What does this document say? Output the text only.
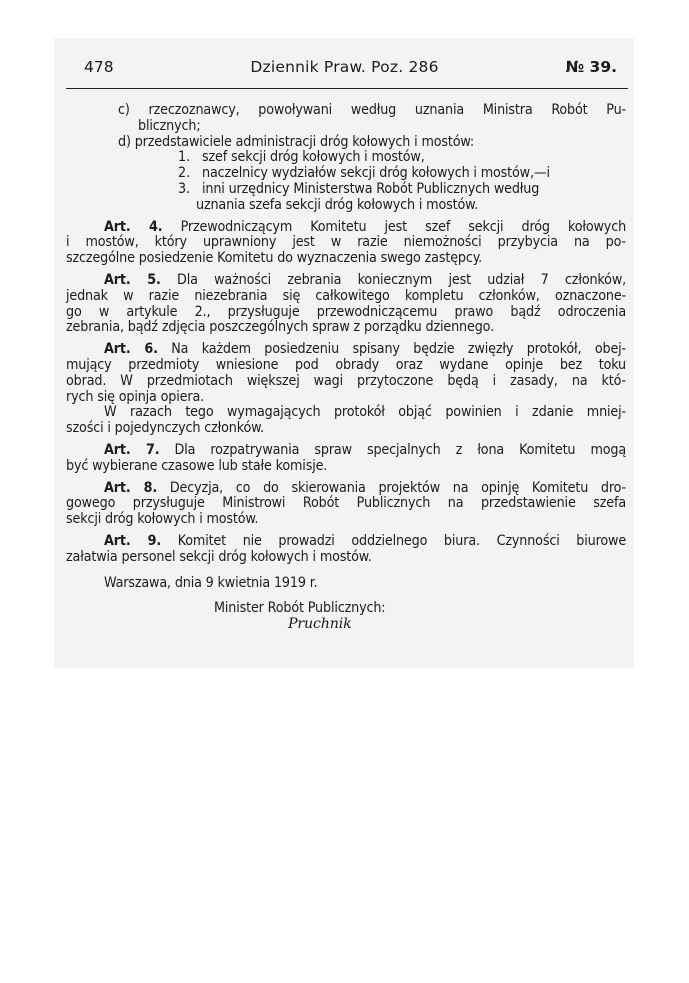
478	Dziennik Praw. Poz. 286	№ 39.
c) rzeczoznawcy, powoływani według uznania Ministra Robót Pu-
blicznych;
d) przedstawiciele administracji dróg kołowych i mostów:
1. szef sekcji dróg kołowych i mostów,
2. naczelnicy wydziałów sekcji dróg kołowych i mostów,—i
3. inni urzędnicy Ministerstwa Robót Publicznych według
uznania szefa sekcji dróg kołowych i mostów.
Art. 4. Przewodniczącym Komitetu jest szef sekcji dróg kołowych
i mostów, który uprawniony jest w razie niemożności przybycia na po-
szczególne posiedzenie Komitetu do wyznaczenia swego zastępcy.
Art. 5. Dla ważności zebrania koniecznym jest udział 7 członków,
jednak w razie niezebrania się całkowitego kompletu członków, oznaczone-
go w artykule 2., przysługuje przewodniczącemu prawo bądź odroczenia
zebrania, bądź zdjęcia poszczególnych spraw z porządku dziennego.
Art. 6. Na każdem posiedzeniu spisany będzie zwięzły protokół, obej-
mujący przedmioty wniesione pod obrady oraz wydane opinje bez toku
obrad. W przedmiotach większej wagi przytoczone będą i zasady, na któ-
rych się opinja opiera.
W razach tego wymagających protokół objąć powinien i zdanie mniej-
szości i pojedynczych członków.
Art. 7. Dla rozpatrywania spraw specjalnych z łona Komitetu mogą
być wybierane czasowe lub stałe komisje.
Art. 8. Decyzja, co do skierowania projektów na opinję Komitetu dro-
gowego przysługuje Ministrowi Robót Publicznych na przedstawienie szefa
sekcji dróg kołowych i mostów.
Art. 9. Komitet nie prowadzi oddzielnego biura. Czynności biurowe
załatwia personel sekcji dróg kołowych i mostów.
Warszawa, dnia 9 kwietnia 1919 r.
Minister Robót Publicznych:
Pruchnik
